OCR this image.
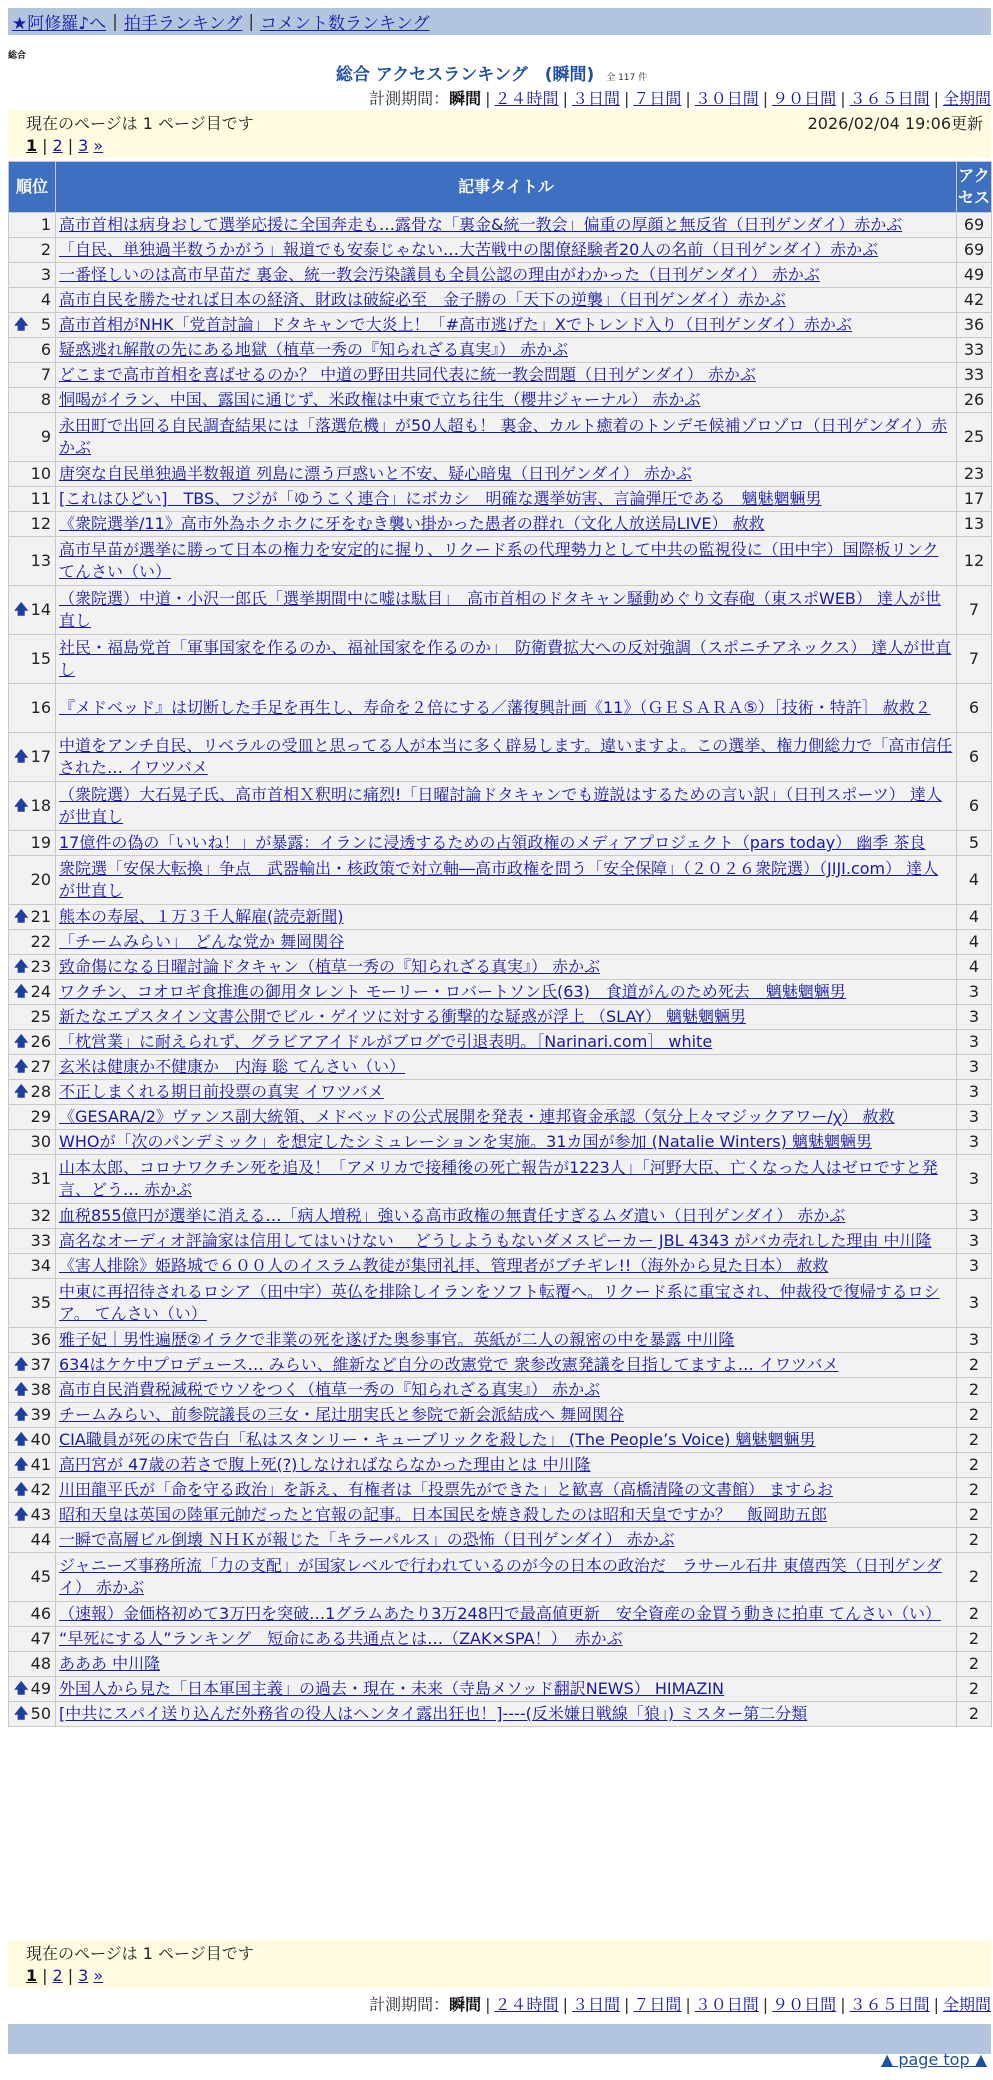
★阿修羅♪へ | 拍手ランキング | コメント数ランキング
総合
総合 アクセスランキング　(瞬間) 全 117 件
計測期間：瞬間 | ２４時間 | ３日間 | ７日間 | ３０日間 | ９０日間 | ３６５日間 | 全期間
現在のページは 1 ページ目です	2026/02/04 19:06更新
1 | 2 | 3 »
順位	記事タイトル	アクセス
1	高市首相は病身おして選挙応援に全国奔走も…露骨な「裏金&統一教会」偏重の厚顔と無反省（日刊ゲンダイ）赤かぶ	69
2	「自民、単独過半数うかがう」報道でも安泰じゃない…大苦戦中の閣僚経験者20人の名前（日刊ゲンダイ）赤かぶ	69
3	一番怪しいのは高市早苗だ 裏金、統一教会汚染議員も全員公認の理由がわかった（日刊ゲンダイ） 赤かぶ	49
4	高市自民を勝たせれば日本の経済、財政は破綻必至　金子勝の「天下の逆襲」（日刊ゲンダイ）赤かぶ	42

🡅 5	高市首相がNHK「党首討論」ドタキャンで大炎上！「#高市逃げた」Xでトレンド入り（日刊ゲンダイ）赤かぶ	36
6	疑惑逃れ解散の先にある地獄（植草一秀の『知られざる真実』） 赤かぶ	33
7	どこまで高市首相を喜ばせるのか？ 中道の野田共同代表に統一教会問題（日刊ゲンダイ） 赤かぶ	33
8	恫喝がイラン、中国、露国に通じず、米政権は中東で立ち往生（櫻井ジャーナル） 赤かぶ	26
9	永田町で出回る自民調査結果には「落選危機」が50人超も！ 裏金、カルト癒着のトンデモ候補ゾロゾロ（日刊ゲンダイ）赤かぶ	25
10	唐突な自民単独過半数報道 列島に漂う戸惑いと不安、疑心暗鬼（日刊ゲンダイ） 赤かぶ	23
11	[これはひどい]　TBS、フジが「ゆうこく連合」にボカシ　明確な選挙妨害、言論弾圧である　魑魅魍魎男	17
12	《衆院選挙/11》高市外為ホクホクに牙をむき襲い掛かった愚者の群れ（文化人放送局LIVE） 赦救	13
13	高市早苗が選挙に勝って日本の権力を安定的に握り、リクード系の代理勢力として中共の監視役に（田中宇）国際板リンク てんさい（い）	12

🡅 14	（衆院選）中道・小沢一郎氏「選挙期間中に嘘は駄目」　高市首相のドタキャン騒動めぐり文春砲（東スポWEB） 達人が世直し	7
15	社民・福島党首「軍事国家を作るのか、福祉国家を作るのか」　防衛費拡大への反対強調（スポニチアネックス） 達人が世直し	7
16	『メドベッド』は切断した手足を再生し、寿命を２倍にする／藩復興計画《11》（ＧＥＳＡＲＡ⑤）［技術・特許］ 赦救２	6

🡅 17	中道をアンチ自民、リベラルの受皿と思ってる人が本当に多く辟易します。違いますよ。この選挙、権力側総力で「高市信任された… イワツバメ	6

🡅 18	（衆院選）大石晃子氏、高市首相Ｘ釈明に痛烈!「日曜討論ドタキャンでも遊説はするための言い訳」（日刊スポーツ） 達人が世直し	6
19	17億件の偽の「いいね！」が暴露：イランに浸透するための占領政権のメディアプロジェクト（pars today） 幽季 茶良	5
20	衆院選「安保大転換」争点　武器輸出・核政策で対立軸―高市政権を問う「安全保障」（２０２６衆院選）（JIJI.com） 達人が世直し	4

🡅 21	熊本の寿屋、１万３千人解雇(読売新聞)	4
22	「チームみらい」　どんな党か 舞岡関谷	4

🡅 23	致命傷になる日曜討論ドタキャン（植草一秀の『知られざる真実』） 赤かぶ	4

🡅 24	ワクチン、コオロギ食推進の御用タレント モーリー・ロバートソン氏(63)　食道がんのため死去　魑魅魍魎男	3
25	新たなエプスタイン文書公開でビル・ゲイツに対する衝撃的な疑惑が浮上 （SLAY） 魑魅魍魎男	3

🡅 26	「枕営業」に耐えられず、グラビアアイドルがブログで引退表明。［Narinari.com］ white	3

🡅 27	玄米は健康か不健康か　内海 聡 てんさい（い）	3

🡅 28	不正しまくれる期日前投票の真実 イワツバメ	3
29	《GESARA/2》ヴァンス副大統領、メドベッドの公式展開を発表・連邦資金承認（気分上々マジックアワー/ꭓ） 赦救	3
30	WHOが「次のパンデミック」を想定したシミュレーションを実施。31カ国が参加 (Natalie Winters) 魑魅魍魎男	3
31	山本太郎、コロナワクチン死を追及！「アメリカで接種後の死亡報告が1223人」「河野大臣、亡くなった人はゼロですと発言、どう… 赤かぶ	3
32	血税855億円が選挙に消える…「病人増税」強いる高市政権の無責任すぎるムダ遣い（日刊ゲンダイ） 赤かぶ	3
33	高名なオーディオ評論家は信用してはいけない ＿どうしようもないダメスピーカー JBL 4343 がバカ売れした理由 中川隆	3
34	《害人排除》姫路城で６００人のイスラム教徒が集団礼拝、管理者がブチギレ!!（海外から見た日本） 赦救	3
35	中東に再招待されるロシア（田中宇）英仏を排除しイランをソフト転覆へ。リクード系に重宝され、仲裁役で復帰するロシア。 てんさい（い）	3
36	雅子妃｜男性遍歴②イラクで非業の死を遂げた奥参事官。英紙が二人の親密の中を暴露 中川隆	3

🡅 37	634はケケ中プロデュース… みらい、維新など自分の改憲党で 衆参改憲発議を目指してますよ… イワツバメ	2

🡅 38	高市自民消費税減税でウソをつく（植草一秀の『知られざる真実』） 赤かぶ	2

🡅 39	チームみらい、前参院議長の三女・尾辻朋実氏と参院で新会派結成へ 舞岡関谷	2

🡅 40	CIA職員が死の床で告白「私はスタンリー・キューブリックを殺した」 (The People’s Voice) 魑魅魍魎男	2

🡅 41	高円宮が 47歳の若さで腹上死(?)しなければならなかった理由とは 中川隆	2

🡅 42	川田龍平氏が「命を守る政治」を訴え、有権者は「投票先ができた」と歓喜（高橋清隆の文書館） ますらお	2

🡅 43	昭和天皇は英国の陸軍元帥だったと官報の記事。日本国民を焼き殺したのは昭和天皇ですか？　飯岡助五郎	2
44	一瞬で高層ビル倒壊 ＮＨＫが報じた「キラーパルス」の恐怖（日刊ゲンダイ） 赤かぶ	2
45	ジャニーズ事務所流「力の支配」が国家レベルで行われているのが今の日本の政治だ　ラサール石井 東僖西笑（日刊ゲンダイ） 赤かぶ	2
46	（速報）金価格初めて3万円を突破…1グラムあたり3万248円で最高値更新　安全資産の金買う動きに拍車 てんさい（い）	2
47	“早死にする人”ランキング　短命にある共通点とは…（ZAK×SPA！）　赤かぶ	2
48	あああ 中川隆	2

🡅 49	外国人から見た「日本軍国主義」の過去・現在・未来（寺島メソッド翻訳NEWS） HIMAZIN	2

🡅 50	[中共にスパイ送り込んだ外務省の役人はヘンタイ露出狂也！]----(反米嫌日戦線「狼」) ミスター第二分類	2
現在のページは 1 ページ目です
1 | 2 | 3 »
計測期間：瞬間 | ２４時間 | ３日間 | ７日間 | ３０日間 | ９０日間 | ３６５日間 | 全期間
▲ page top ▲
